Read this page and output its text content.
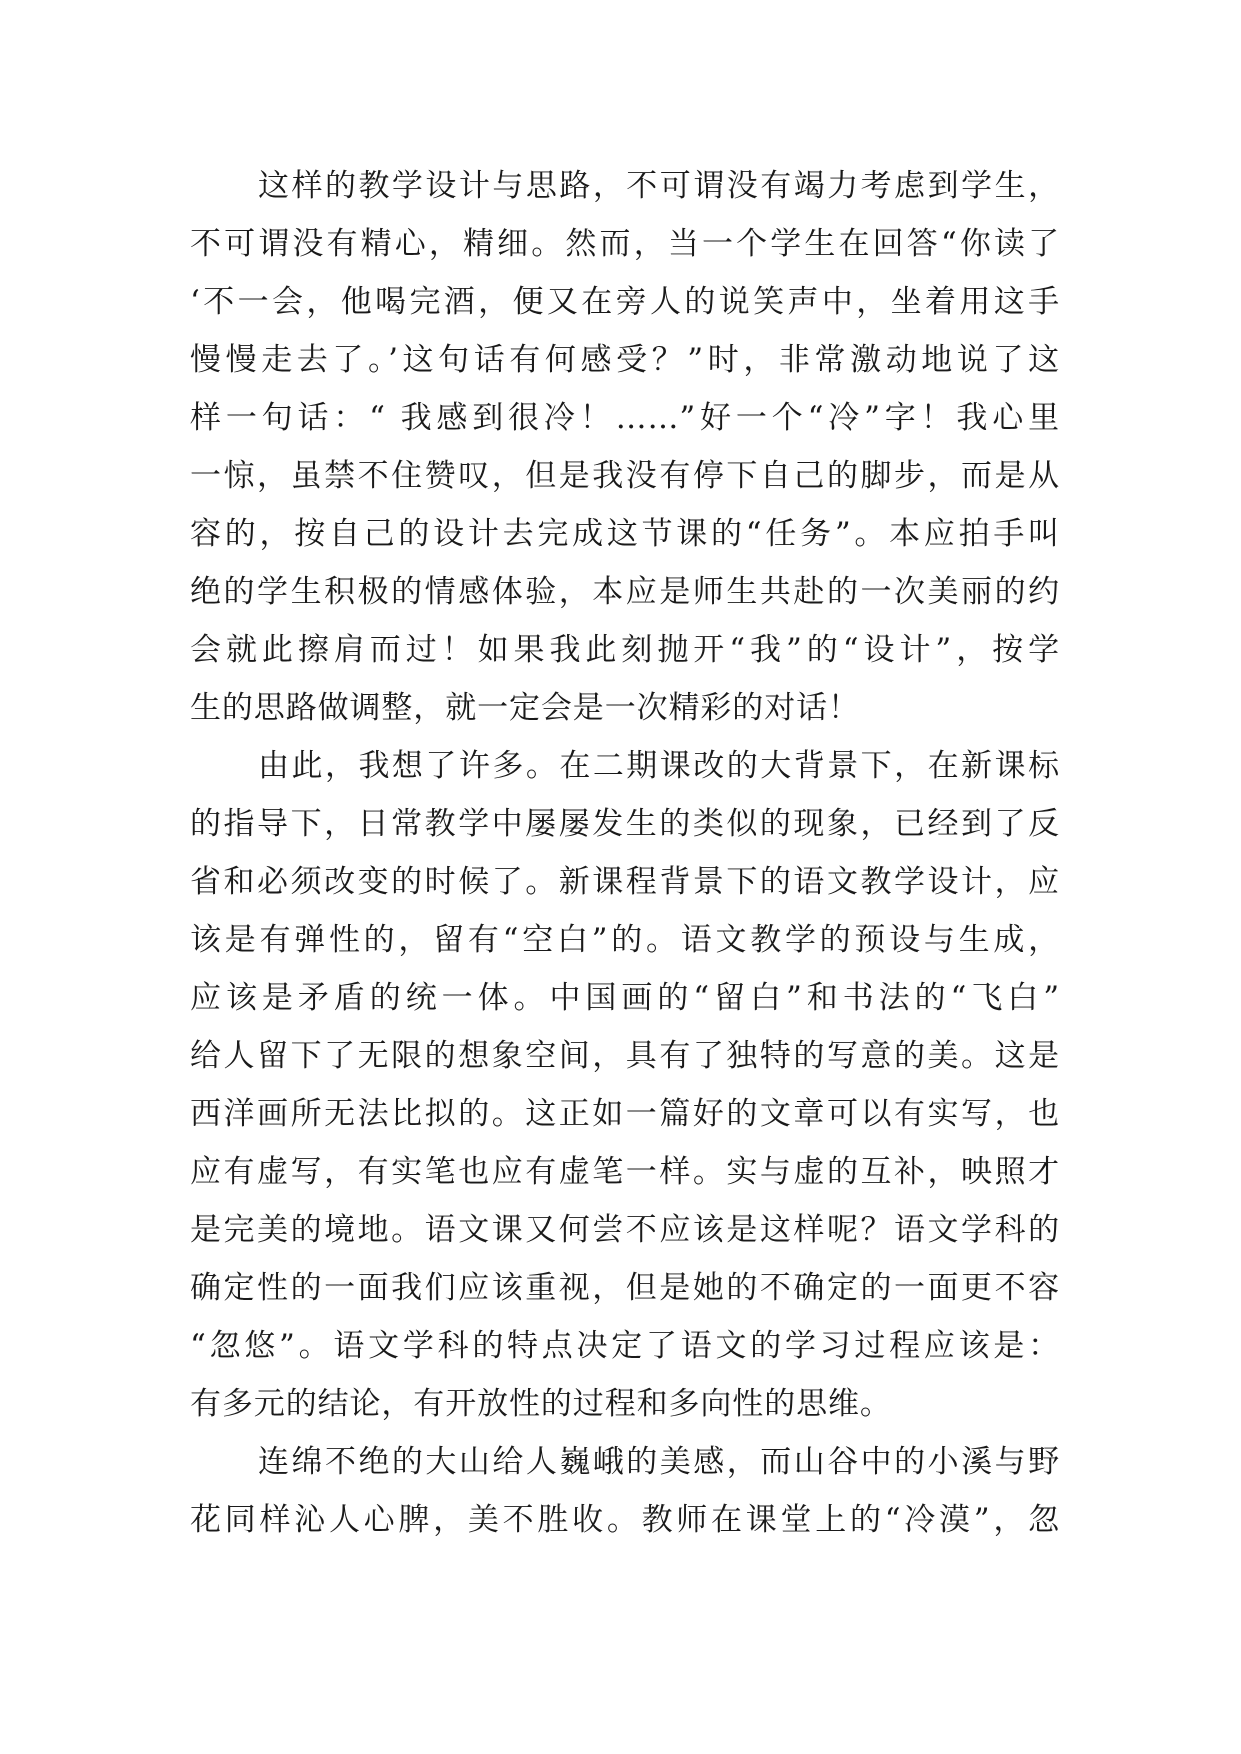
这样的教学设计与思路，不可谓没有竭力考虑到学生，
不可谓没有精心，精细。然而，当一个学生在回答“你读了
‘不一会，他喝完酒，便又在旁人的说笑声中，坐着用这手
慢慢走去了。’这句话有何感受？”时，非常激动地说了这
样一句话：“ 我感到很冷！……”好一个“冷”字！我心里
一惊，虽禁不住赞叹，但是我没有停下自己的脚步，而是从
容的，按自己的设计去完成这节课的“任务”。本应拍手叫
绝的学生积极的情感体验，本应是师生共赴的一次美丽的约
会就此擦肩而过！如果我此刻抛开“我”的“设计”，按学
生的思路做调整，就一定会是一次精彩的对话！
由此，我想了许多。在二期课改的大背景下，在新课标
的指导下，日常教学中屡屡发生的类似的现象，已经到了反
省和必须改变的时候了。新课程背景下的语文教学设计，应
该是有弹性的，留有“空白”的。语文教学的预设与生成，
应该是矛盾的统一体。中国画的“留白”和书法的“飞白”
给人留下了无限的想象空间，具有了独特的写意的美。这是
西洋画所无法比拟的。这正如一篇好的文章可以有实写，也
应有虚写，有实笔也应有虚笔一样。实与虚的互补，映照才
是完美的境地。语文课又何尝不应该是这样呢？语文学科的
确定性的一面我们应该重视，但是她的不确定的一面更不容
“忽悠”。语文学科的特点决定了语文的学习过程应该是：
有多元的结论，有开放性的过程和多向性的思维。
连绵不绝的大山给人巍峨的美感，而山谷中的小溪与野
花同样沁人心脾，美不胜收。教师在课堂上的“冷漠”，忽
